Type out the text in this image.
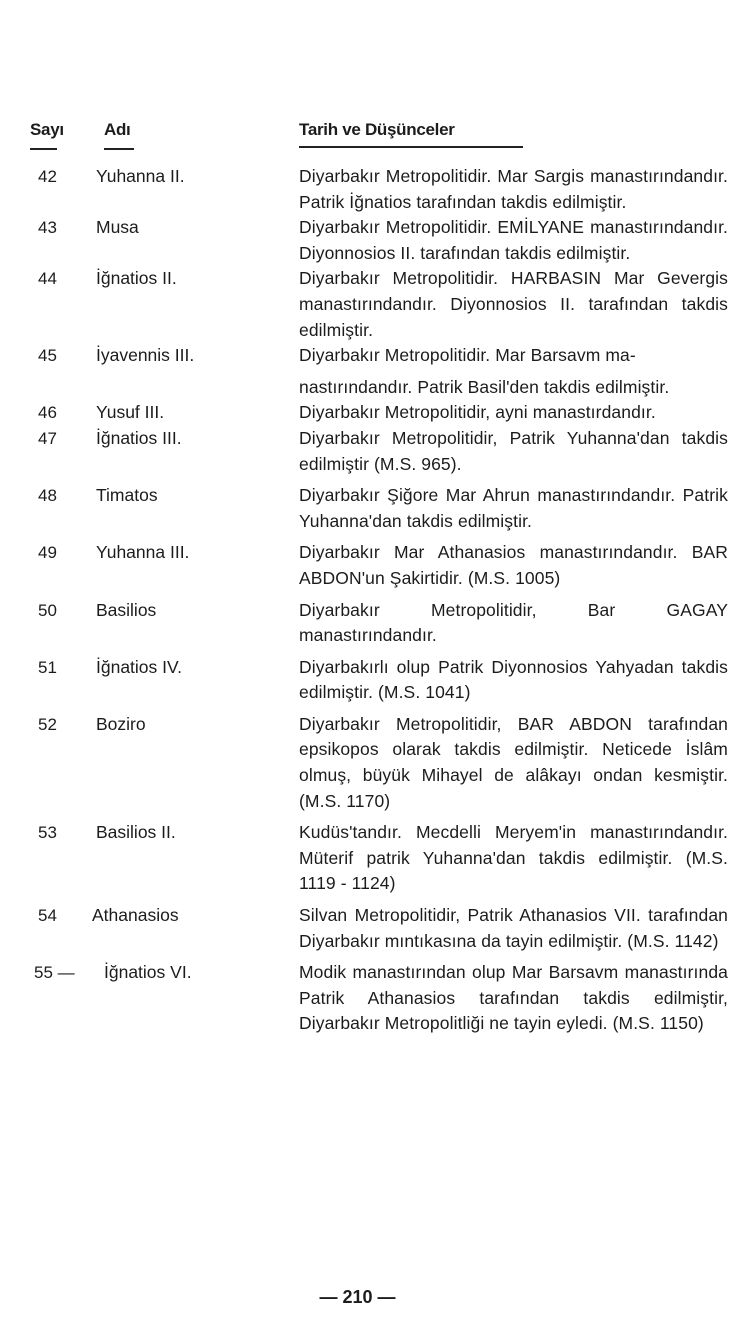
Sayı Adı	Tarih ve Düşünceler
42 Yuhanna II.	Diyarbakır Metropolitidir. Mar Sargis manastırındandır. Patrik İğnatios tarafından takdis edilmiştir.
43 Musa	Diyarbakır Metropolitidir. EMİLYANE manastırındandır. Diyonnosios II. tarafından takdis edilmiştir.
44 İğnatios II.	Diyarbakır Metropolitidir. HARBASIN Mar Gevergis manastırındandır. Diyonnosios II. tarafından takdis edilmiştir.
45 İyavennis III.	Diyarbakır Metropolitidir. Mar Barsavm ma-
nastırındandır. Patrik Basil'den takdis edilmiştir.
46 Yusuf III.	Diyarbakır Metropolitidir, ayni manastırdandır.
47 İğnatios III.	Diyarbakır Metropolitidir, Patrik Yuhanna'dan takdis edilmiştir (M.S. 965).
48 Timatos	Diyarbakır Şiğore Mar Ahrun manastırındandır. Patrik Yuhanna'dan takdis edilmiştir.
49 Yuhanna III.	Diyarbakır Mar Athanasios manastırındandır. BAR ABDON'un Şakirtidir. (M.S. 1005)
50 Basilios	Diyarbakır Metropolitidir, Bar GAGAY manastırındandır.
51 İğnatios IV.	Diyarbakırlı olup Patrik Diyonnosios Yahyadan takdis edilmiştir. (M.S. 1041)
52 Boziro	Diyarbakır Metropolitidir, BAR ABDON tarafından epsikopos olarak takdis edilmiştir. Neticede İslâm olmuş, büyük Mihayel de alâkayı ondan kesmiştir. (M.S. 1170)
53 Basilios II.	Kudüs'tandır. Mecdelli Meryem'in manastırındandır. Müterif patrik Yuhanna'dan takdis edilmiştir. (M.S. 1119 - 1124)
54 Athanasios	Silvan Metropolitidir, Patrik Athanasios VII. tarafından Diyarbakır mıntıkasına da tayin edilmiştir. (M.S. 1142)
55 — İğnatios VI.	Modik manastırından olup Mar Barsavm manastırında Patrik Athanasios tarafından takdis edilmiştir, Diyarbakır Metropolitliği ne tayin eyledi. (M.S. 1150)
— 210 —
